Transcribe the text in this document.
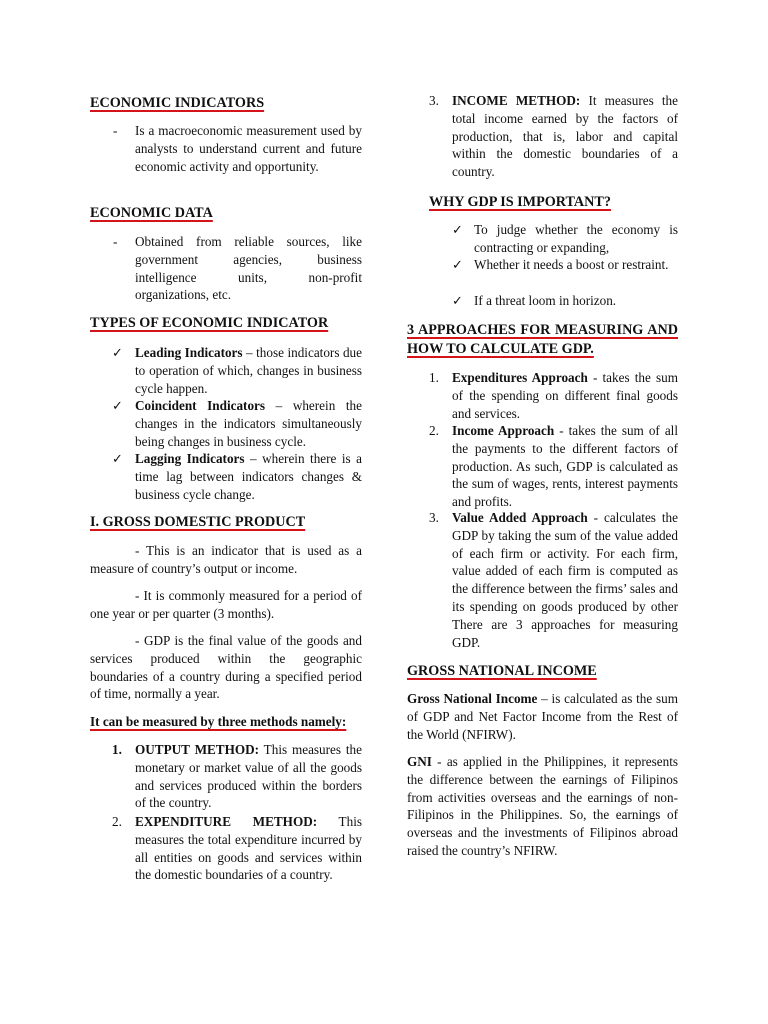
ECONOMIC INDICATORS
- Is a macroeconomic measurement used by analysts to understand current and future economic activity and opportunity.
ECONOMIC DATA
- Obtained from reliable sources, like government agencies, business intelligence units, non-profit organizations, etc.
TYPES OF ECONOMIC INDICATOR
✓ Leading Indicators – those indicators due to operation of which, changes in business cycle happen.
✓ Coincident Indicators – wherein the changes in the indicators simultaneously being changes in business cycle.
✓ Lagging Indicators – wherein there is a time lag between indicators changes & business cycle change.
I. GROSS DOMESTIC PRODUCT
- This is an indicator that is used as a measure of country’s output or income.
- It is commonly measured for a period of one year or per quarter (3 months).
- GDP is the final value of the goods and services produced within the geographic boundaries of a country during a specified period of time, normally a year.
It can be measured by three methods namely:
1. OUTPUT METHOD: This measures the monetary or market value of all the goods and services produced within the borders of the country.
2. EXPENDITURE METHOD: This measures the total expenditure incurred by all entities on goods and services within the domestic boundaries of a country.
3. INCOME METHOD: It measures the total income earned by the factors of production, that is, labor and capital within the domestic boundaries of a country.
WHY GDP IS IMPORTANT?
✓ To judge whether the economy is contracting or expanding,
✓ Whether it needs a boost or restraint.
✓ If a threat loom in horizon.
3 APPROACHES FOR MEASURING AND HOW TO CALCULATE GDP.
1. Expenditures Approach - takes the sum of the spending on different final goods and services.
2. Income Approach - takes the sum of all the payments to the different factors of production. As such, GDP is calculated as the sum of wages, rents, interest payments and profits.
3. Value Added Approach - calculates the GDP by taking the sum of the value added of each firm or activity. For each firm, value added of each firm is computed as the difference between the firms’ sales and its spending on goods produced by other There are 3 approaches for measuring GDP.
GROSS NATIONAL INCOME
Gross National Income – is calculated as the sum of GDP and Net Factor Income from the Rest of the World (NFIRW).
GNI - as applied in the Philippines, it represents the difference between the earnings of Filipinos from activities overseas and the earnings of non-Filipinos in the Philippines. So, the earnings of overseas and the investments of Filipinos abroad raised the country’s NFIRW.
